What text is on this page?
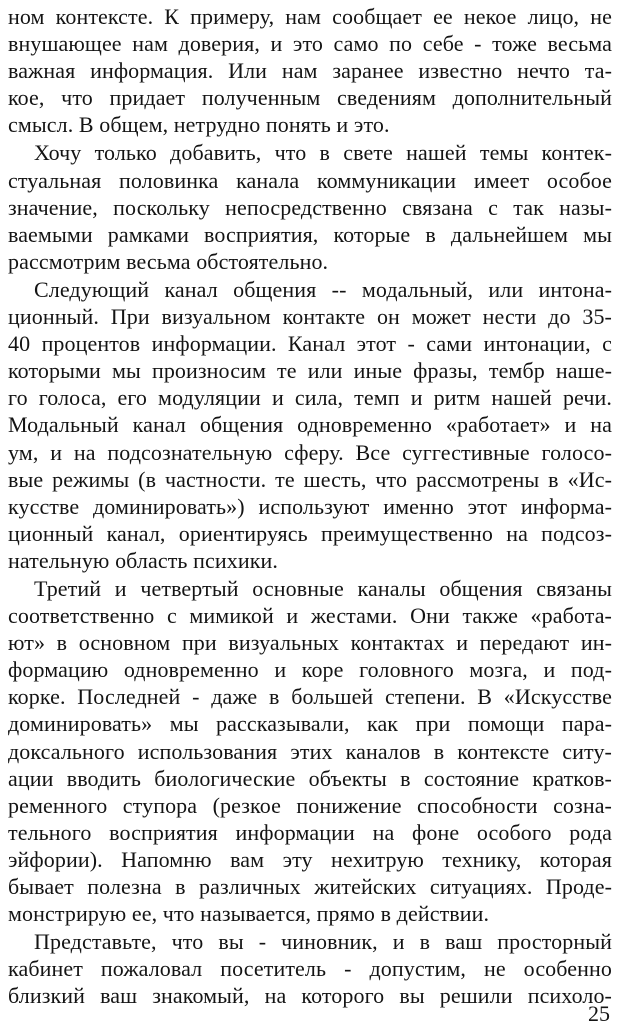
ном контексте. К примеру, нам сообщает ее некое лицо, не
внушающее нам доверия, и это само по себе - тоже весьма
важная информация. Или нам заранее известно нечто та-
кое, что придает полученным сведениям дополнительный
смысл. В общем, нетрудно понять и это.
Хочу только добавить, что в свете нашей темы контек-
стуальная половинка канала коммуникации имеет особое
значение, поскольку непосредственно связана с так назы-
ваемыми рамками восприятия, которые в дальнейшем мы
рассмотрим весьма обстоятельно.
Следующий канал общения -- модальный, или интона-
ционный. При визуальном контакте он может нести до 35-
40 процентов информации. Канал этот - сами интонации, с
которыми мы произносим те или иные фразы, тембр наше-
го голоса, его модуляции и сила, темп и ритм нашей речи.
Модальный канал общения одновременно «работает» и на
ум, и на подсознательную сферу. Все суггестивные голосо-
вые режимы (в частности. те шесть, что рассмотрены в «Ис-
кусстве доминировать») используют именно этот информа-
ционный канал, ориентируясь преимущественно на подсоз-
нательную область психики.
Третий и четвертый основные каналы общения связаны
соответственно с мимикой и жестами. Они также «работа-
ют» в основном при визуальных контактах и передают ин-
формацию одновременно и коре головного мозга, и под-
корке. Последней - даже в большей степени. В «Искусстве
доминировать» мы рассказывали, как при помощи пара-
доксального использования этих каналов в контексте ситу-
ации вводить биологические объекты в состояние кратков-
ременного ступора (резкое понижение способности созна-
тельного восприятия информации на фоне особого рода
эйфории). Напомню вам эту нехитрую технику, которая
бывает полезна в различных житейских ситуациях. Проде-
монстрирую ее, что называется, прямо в действии.
Представьте, что вы - чиновник, и в ваш просторный
кабинет пожаловал посетитель - допустим, не особенно
близкий ваш знакомый, на которого вы решили психоло-
25
